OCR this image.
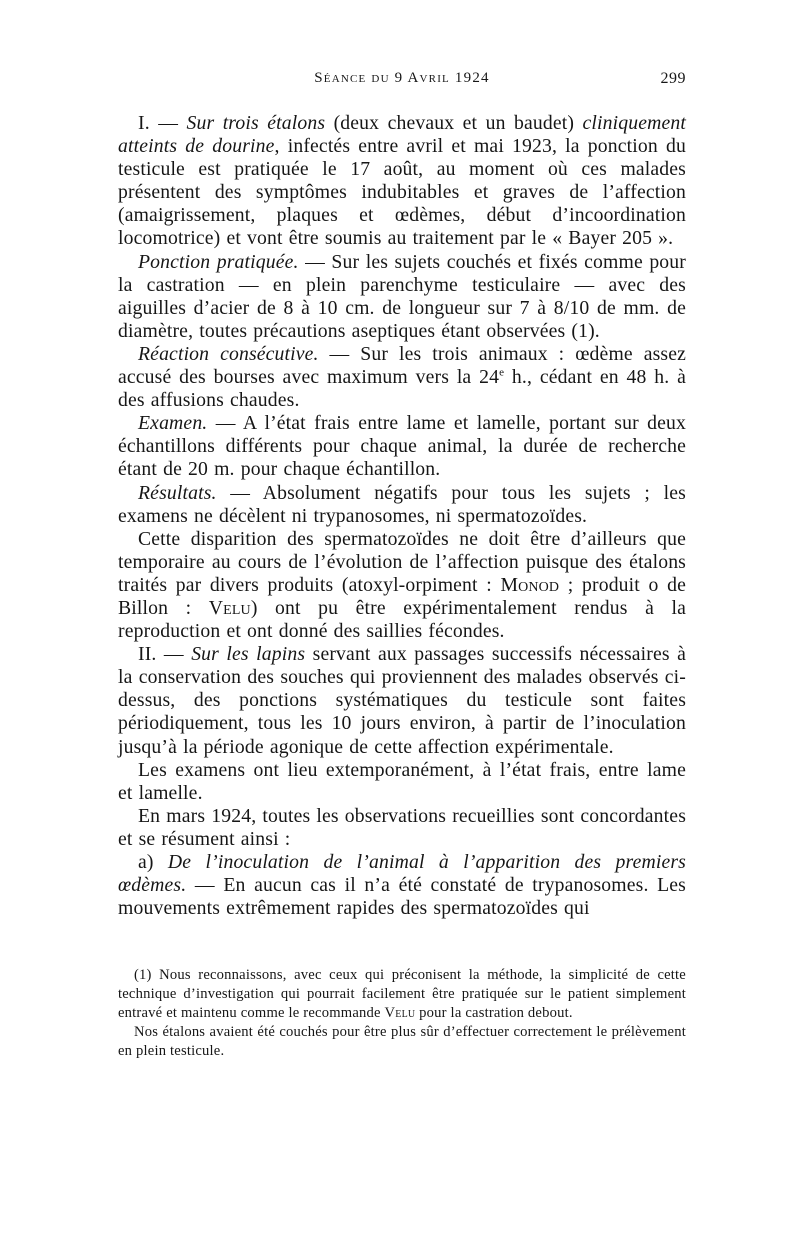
Séance du 9 Avril 1924	299

I. — Sur trois étalons (deux chevaux et un baudet) cliniquement atteints de dourine, infectés entre avril et mai 1923, la ponction du testicule est pratiquée le 17 août, au moment où ces malades présentent des symptômes indubitables et graves de l’affection (amaigrissement, plaques et œdèmes, début d’incoordination locomotrice) et vont être soumis au traitement par le « Bayer 205 ».

Ponction pratiquée. — Sur les sujets couchés et fixés comme pour la castration — en plein parenchyme testiculaire — avec des aiguilles d’acier de 8 à 10 cm. de longueur sur 7 à 8/10 de mm. de diamètre, toutes précautions aseptiques étant observées (1).

Réaction consécutive. — Sur les trois animaux : œdème assez accusé des bourses avec maximum vers la 24e h., cédant en 48 h. à des affusions chaudes.

Examen. — A l’état frais entre lame et lamelle, portant sur deux échantillons différents pour chaque animal, la durée de recherche étant de 20 m. pour chaque échantillon.

Résultats. — Absolument négatifs pour tous les sujets ; les examens ne décèlent ni trypanosomes, ni spermatozoïdes.

Cette disparition des spermatozoïdes ne doit être d’ailleurs que temporaire au cours de l’évolution de l’affection puisque des étalons traités par divers produits (atoxyl-orpiment : Monod ; produit o de Billon : Velu) ont pu être expérimentalement rendus à la reproduction et ont donné des saillies fécondes.

II. — Sur les lapins servant aux passages successifs nécessaires à la conservation des souches qui proviennent des malades observés ci-dessus, des ponctions systématiques du testicule sont faites périodiquement, tous les 10 jours environ, à partir de l’inoculation jusqu’à la période agonique de cette affection expérimentale.

Les examens ont lieu extemporanément, à l’état frais, entre lame et lamelle.

En mars 1924, toutes les observations recueillies sont concordantes et se résument ainsi :

a) De l’inoculation de l’animal à l’apparition des premiers œdèmes. — En aucun cas il n’a été constaté de trypanosomes. Les mouvements extrêmement rapides des spermatozoïdes qui

(1) Nous reconnaissons, avec ceux qui préconisent la méthode, la simplicité de cette technique d’investigation qui pourrait facilement être pratiquée sur le patient simplement entravé et maintenu comme le recommande Velu pour la castration debout.

Nos étalons avaient été couchés pour être plus sûr d’effectuer correctement le prélèvement en plein testicule.
